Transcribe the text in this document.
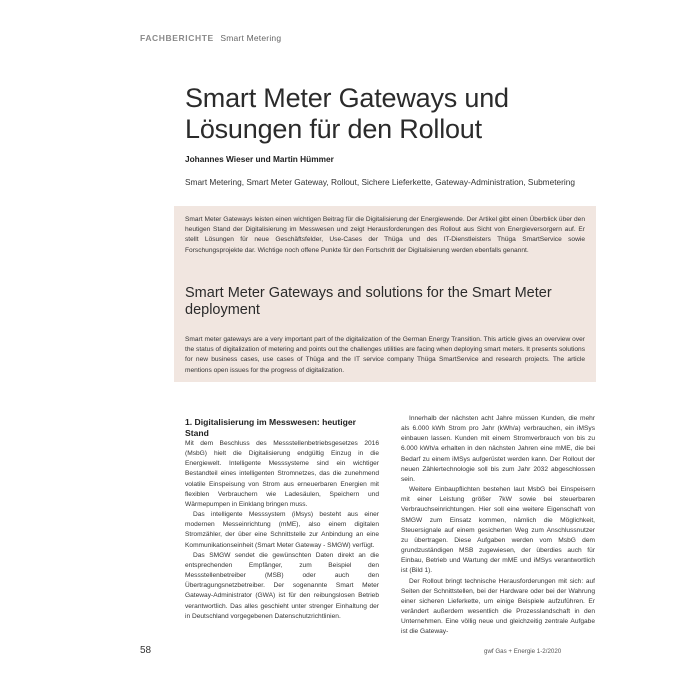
FACHBERICHTE Smart Metering
Smart Meter Gateways und Lösungen für den Rollout
Johannes Wieser und Martin Hümmer
Smart Metering, Smart Meter Gateway, Rollout, Sichere Lieferkette, Gateway-Administration, Submetering

Smart Meter Gateways leisten einen wichtigen Beitrag für die Digitalisierung der Energiewende. Der Artikel gibt einen Überblick über den heutigen Stand der Digitalisierung im Messwesen und zeigt Herausforderungen des Rollout aus Sicht von Energieversorgern auf. Er stellt Lösungen für neue Geschäftsfelder, Use-Cases der Thüga und des IT-Dienstleisters Thüga SmartService sowie Forschungsprojekte dar. Wichtige noch offene Punkte für den Fortschritt der Digitalisierung werden ebenfalls genannt.

Smart Meter Gateways and solutions for the Smart Meter deployment

Smart meter gateways are a very important part of the digitalization of the German Energy Transition. This article gives an overview over the status of digitalization of metering and points out the challenges utilities are facing when deploying smart meters. It presents solutions for new business cases, use cases of Thüga and the IT service company Thüga SmartService and research projects. The article mentions open issues for the progress of digitalization.

1. Digitalisierung im Messwesen: heutiger Stand

Mit dem Beschluss des Messstellenbetriebsgesetzes 2016 (MsbG) hielt die Digitalisierung endgültig Einzug in die Energiewelt. Intelligente Messsysteme sind ein wichtiger Bestandteil eines intelligenten Stromnetzes, das die zunehmend volatile Einspeisung von Strom aus erneuerbaren Energien mit flexiblen Verbrauchern wie Ladesäulen, Speichern und Wärmepumpen in Einklang bringen muss.

Das intelligente Messsystem (iMsys) besteht aus einer modernen Messeinrichtung (mME), also einem digitalen Stromzähler, der über eine Schnittstelle zur Anbindung an eine Kommunikationseinheit (Smart Meter Gateway - SMGW) verfügt.

Das SMGW sendet die gewünschten Daten direkt an die entsprechenden Empfänger, zum Beispiel den Messstellenbetreiber (MSB) oder auch den Übertragungsnetzbetreiber. Der sogenannte Smart Meter Gateway-Administrator (GWA) ist für den reibungslosen Betrieb verantwortlich. Das alles geschieht unter strenger Einhaltung der in Deutschland vorgegebenen Datenschutzrichtlinien.

Innerhalb der nächsten acht Jahre müssen Kunden, die mehr als 6.000 kWh Strom pro Jahr (kWh/a) verbrauchen, ein iMSys einbauen lassen. Kunden mit einem Stromverbrauch von bis zu 6.000 kWh/a erhalten in den nächsten Jahren eine mME, die bei Bedarf zu einem iMSys aufgerüstet werden kann. Der Rollout der neuen Zählertechnologie soll bis zum Jahr 2032 abgeschlossen sein.

Weitere Einbaupflichten bestehen laut MsbG bei Einspeisern mit einer Leistung größer 7kW sowie bei steuerbaren Verbrauchseinrichtungen. Hier soll eine weitere Eigenschaft von SMGW zum Einsatz kommen, nämlich die Möglichkeit, Steuersignale auf einem gesicherten Weg zum Anschlussnutzer zu übertragen. Diese Aufgaben werden vom MsbG dem grundzuständigen MSB zugewiesen, der überdies auch für Einbau, Betrieb und Wartung der mME und iMSys verantwortlich ist (Bild 1).

Der Rollout bringt technische Herausforderungen mit sich: auf Seiten der Schnittstellen, bei der Hardware oder bei der Wahrung einer sicheren Lieferkette, um einige Beispiele aufzuführen. Er verändert außerdem wesentlich die Prozesslandschaft in den Unternehmen. Eine völlig neue und gleichzeitig zentrale Aufgabe ist die Gateway-

58	gwf Gas + Energie 1-2/2020
